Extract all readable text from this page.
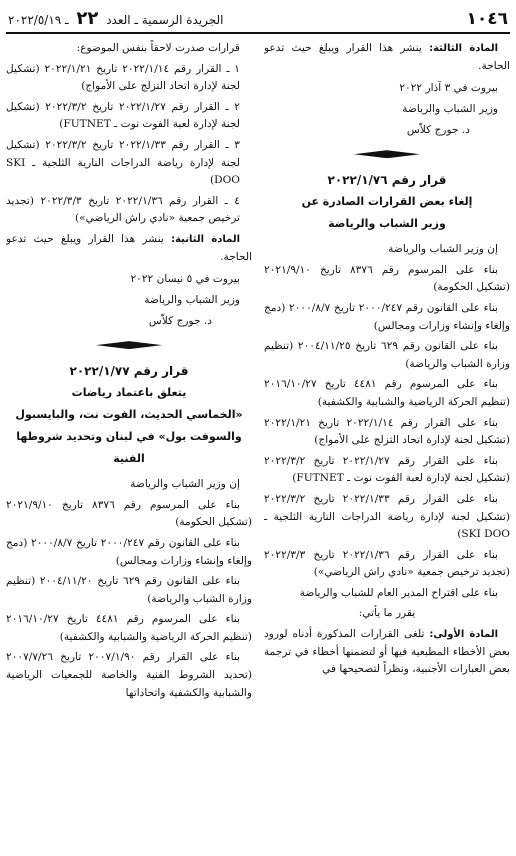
١٠٤٦
الجريدة الرسمية ـ العدد ٢٢ ـ ٢٠٢٢/٥/١٩

المادة الثالثة: ينشر هذا القرار ويبلغ حيث تدعو الحاجة.

بيروت في ٣ آذار ٢٠٢٢

وزير الشباب والرياضة

د. جورج كلاّس

قرار رقم ٢٠٢٢/١/٧٦
إلغاء بعض القرارات الصادرة عن
وزير الشباب والرياضة

إن وزير الشباب والرياضة

بناء على المرسوم رقم ٨٣٧٦ تاريخ ٢٠٢١/٩/١٠ (تشكيل الحكومة)

بناء على القانون رقم ٢٠٠٠/٢٤٧ تاريخ ٢٠٠٠/٨/٧ (دمج وإلغاء وإنشاء وزارات ومجالس)

بناء على القانون رقم ٦٢٩ تاريخ ٢٠٠٤/١١/٢٥ (تنظيم وزارة الشباب والرياضة)

بناء على المرسوم رقم ٤٤٨١ تاريخ ٢٠١٦/١٠/٢٧ (تنظيم الحركة الرياضية والشبابية والكشفية)

بناء على القرار رقم ٢٠٢٢/١/١٤ تاريخ ٢٠٢٢/١/٢١ (تشكيل لجنة لإدارة اتحاد التزلج على الأمواج)

بناء على القرار رقم ٢٠٢٢/١/٢٧ تاريخ ٢٠٢٢/٣/٢ (تشكيل لجنة لإدارة لعبة الفوت نوت ـ FUTNET)

بناء على القرار رقم ٢٠٢٢/١/٣٣ تاريخ ٢٠٢٢/٣/٢ (تشكيل لجنة لإدارة رياضة الدراجات النارية الثلجية ـ SKI DOO)

بناء على القرار رقم ٢٠٢٢/١/٣٦ تاريخ ٢٠٢٢/٣/٣ (تجديد ترخيص جمعية «نادي راش الرياضي»)

بناء على اقتراح المدير العام للشباب والرياضة

يقرر ما يأتي:

المادة الأولى: تلغى القرارات المذكورة أدناه لورود بعض الأخطاء المطبعية فيها أو لتضمنها أخطاء في ترجمة بعض العبارات الأجنبية، ونظراً لتصحيحها في

قرارات صدرت لاحقاً بنفس الموضوع:

١ ـ القرار رقم ٢٠٢٢/١/١٤ تاريخ ٢٠٢٢/١/٢١ (تشكيل لجنة لإدارة اتحاد التزلج على الأمواج)

٢ ـ القرار رقم ٢٠٢٢/١/٢٧ تاريخ ٢٠٢٢/٣/٢ (تشكيل لجنة لإدارة لعبة الفوت نوت ـ FUTNET)

٣ ـ القرار رقم ٢٠٢٢/١/٣٣ تاريخ ٢٠٢٢/٣/٢ (تشكيل لجنة لإدارة رياضة الدراجات النارية الثلجية ـ SKI DOO)

٤ ـ القرار رقم ٢٠٢٢/١/٣٦ تاريخ ٢٠٢٢/٣/٣ (تجديد ترخيص جمعية «نادي راش الرياضي»)

المادة الثانية: ينشر هذا القرار ويبلغ حيث تدعو الحاجة.

بيروت في ٥ نيسان ٢٠٢٢

وزير الشباب والرياضة

د. جورج كلاّس

قرار رقم ٢٠٢٢/١/٧٧
يتعلق باعتماد رياضات
«الخماسي الحديث، الفوت نت، والبايسبول
والسوفت بول» في لبنان وتحديد شروطها الفنية

إن وزير الشباب والرياضة

بناء على المرسوم رقم ٨٣٧٦ تاريخ ٢٠٢١/٩/١٠ (تشكيل الحكومة)

بناء على القانون رقم ٢٠٠٠/٢٤٧ تاريخ ٢٠٠٠/٨/٧ (دمج وإلغاء وإنشاء وزارات ومجالس)

بناء على القانون رقم ٦٢٩ تاريخ ٢٠٠٤/١١/٢٠ (تنظيم وزارة الشباب والرياضة)

بناء على المرسوم رقم ٤٤٨١ تاريخ ٢٠١٦/١٠/٢٧ (تنظيم الحركة الرياضية والشبابية والكشفية)

بناء على القرار رقم ٢٠٠٧/١/٩٠ تاريخ ٢٠٠٧/٧/٢٦ (تحديد الشروط الفنية والخاصة للجمعيات الرياضية والشبابية والكشفية واتحاداتها
